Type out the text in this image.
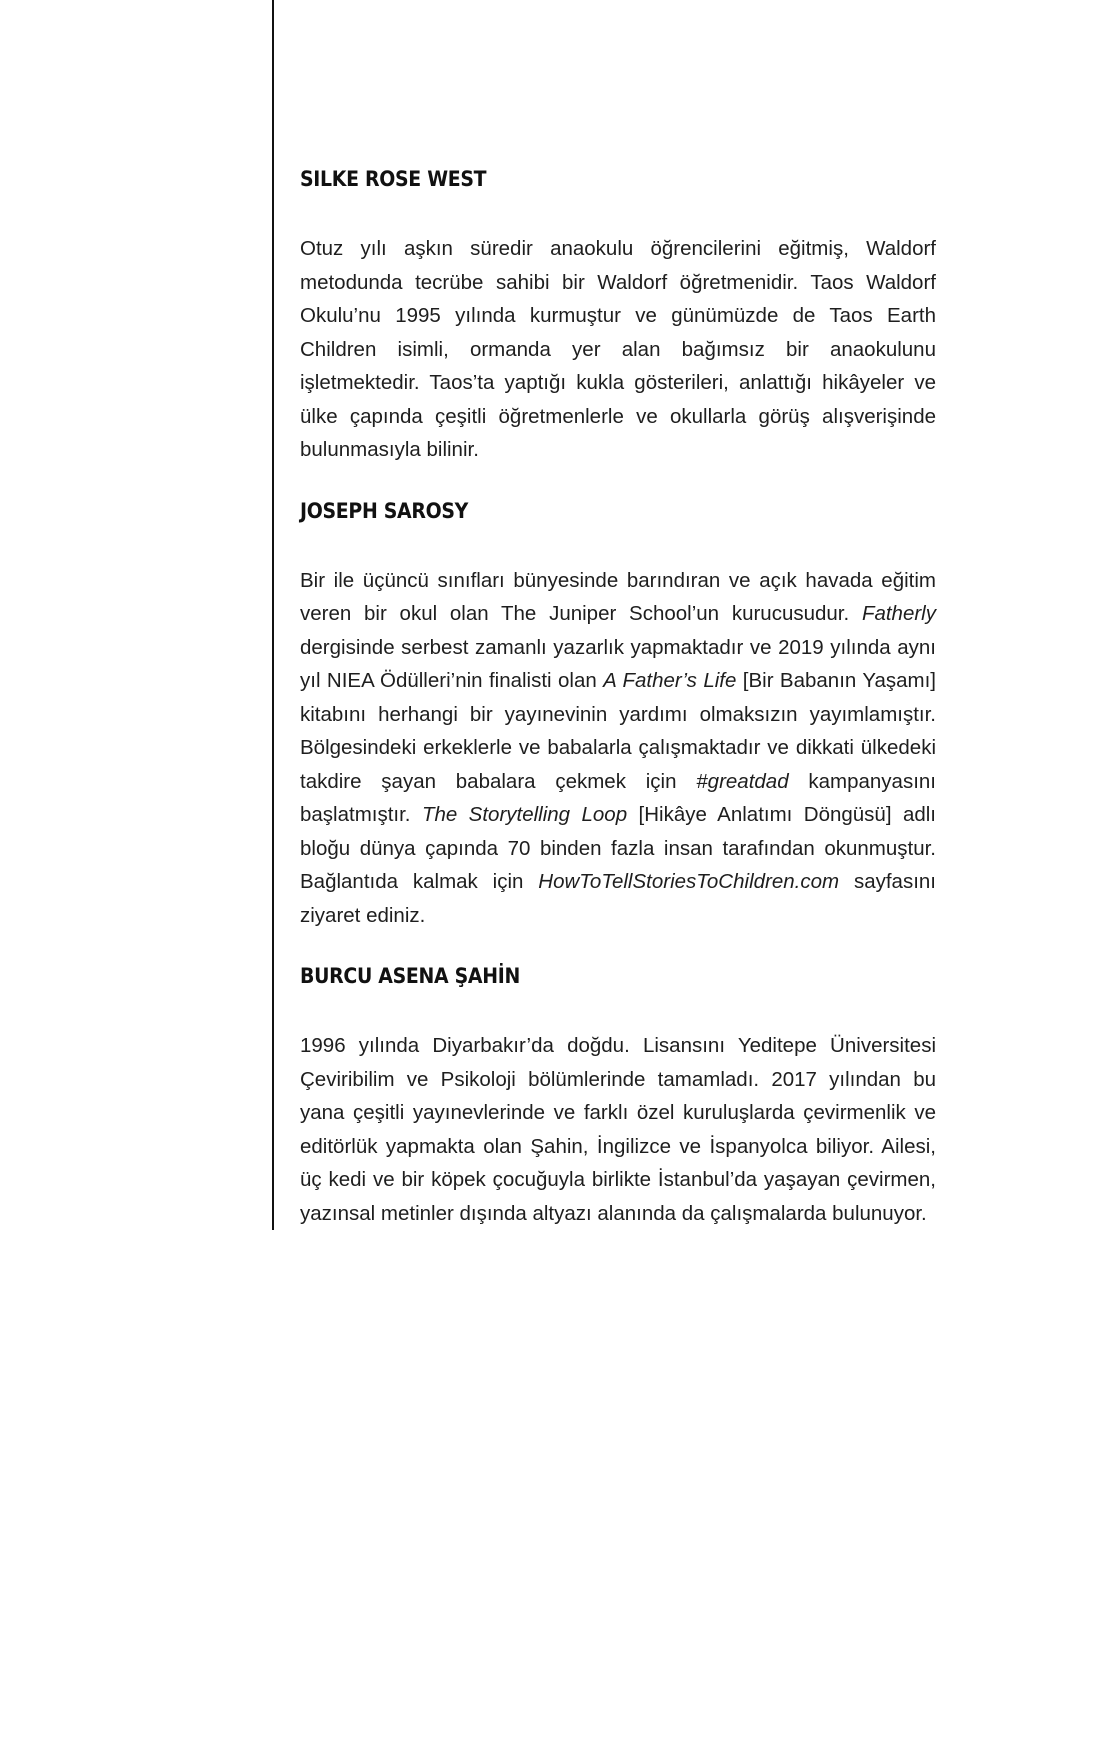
SILKE ROSE WEST

Otuz yılı aşkın süredir anaokulu öğrencilerini eğitmiş, Waldorf metodunda tecrübe sahibi bir Waldorf öğretmenidir. Taos Waldorf Okulu’nu 1995 yılında kurmuştur ve günümüzde de Taos Earth Children isimli, ormanda yer alan bağımsız bir anaokulunu işletmektedir. Taos’ta yaptığı kukla gösterileri, anlattığı hikâyeler ve ülke çapında çeşitli öğretmenlerle ve okullarla görüş alışverişinde bulunmasıyla bilinir.

JOSEPH SAROSY

Bir ile üçüncü sınıfları bünyesinde barındıran ve açık havada eğitim veren bir okul olan The Juniper School’un kurucusudur. Fatherly dergisinde serbest zamanlı yazarlık yapmaktadır ve 2019 yılında aynı yıl NIEA Ödülleri’nin finalisti olan A Father’s Life [Bir Babanın Yaşamı] kitabını herhangi bir yayınevinin yardımı olmaksızın yayımlamıştır. Bölgesindeki erkeklerle ve babalarla çalışmaktadır ve dikkati ülkedeki takdire şayan babalara çekmek için #greatdad kampanyasını başlatmıştır. The Storytelling Loop [Hikâye Anlatımı Döngüsü] adlı bloğu dünya çapında 70 binden fazla insan tarafından okunmuştur. Bağlantıda kalmak için HowToTellStoriesToChildren.com sayfasını ziyaret ediniz.

BURCU ASENA ŞAHİN

1996 yılında Diyarbakır’da doğdu. Lisansını Yeditepe Üniversitesi Çeviribilim ve Psikoloji bölümlerinde tamamladı. 2017 yılından bu yana çeşitli yayınevlerinde ve farklı özel kuruluşlarda çevirmenlik ve editörlük yapmakta olan Şahin, İngilizce ve İspanyolca biliyor. Ailesi, üç kedi ve bir köpek çocuğuyla birlikte İstanbul’da yaşayan çevirmen, yazınsal metinler dışında altyazı alanında da çalışmalarda bulunuyor.
